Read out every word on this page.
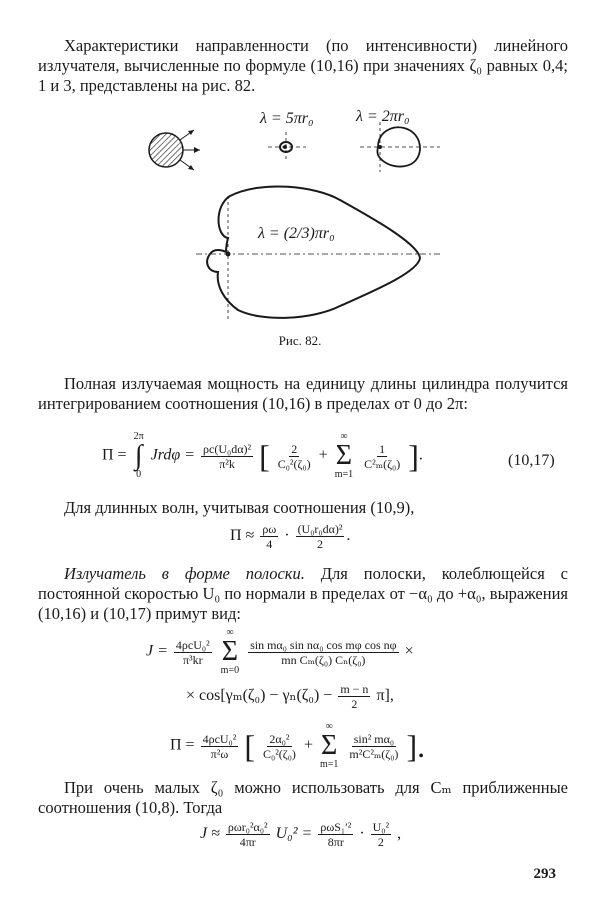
Характеристики направленности (по интенсивности) линейного излучателя, вычисленные по формуле (10,16) при значениях ζ₀ равных 0,4; 1 и 3, представлены на рис. 82.

λ = 5πr₀	λ = 2πr₀
λ = (2/3)πr₀
Рис. 82.

Полная излучаемая мощность на единицу длины цилиндра получится интегрированием соотношения (10,16) в пределах от 0 до 2π:

Π =
2π
∫
0
$Jrd\varphi = \frac{\text{ρc(U₀dα)²}}{\text{π²k}}$ [ $\frac{2}{\text{C₀²(ζ₀)}}$ +
∞
Σ
m=1

$\frac{1}{\text{C²ₘ(ζ₀)}}$ ].	(10,17)

Для длинных волн, учитывая соотношения (10,9),

$\Pi \approx \frac{\rho\omega}{4} \cdot \frac{\text{(U₀r₀dα)²}}{2}$ .

Излучатель в форме полоски. Для полоски, колеблющейся с постоянной скоростью U₀ по нормали в пределах от −α₀ до +α₀, выражения (10,16) и (10,17) примут вид:

$J = \frac{\text{4ρcU₀²}}{\text{π³kr}}$

∞
Σ
m=0

$\frac{\text{sin mα₀ sin nα₀ cos mφ cos nφ}}{\text{mn Cₘ(ζ₀) Cₙ(ζ₀)}}$ ×
× $\cos[\gamma_m(\zeta_0) - \gamma_n(\zeta_0) - \frac{m - n}{2} \pi]$,
$\Pi = \frac{\text{4ρcU₀²}}{\text{π²ω}}$ [ $\frac{\text{2α₀²}}{\text{C₀²(ζ₀)}}$ +
∞
Σ
m=1

$\frac{\text{sin² mα₀}}{\text{m²C²ₘ(ζ₀)}}$ ].

При очень малых ζ₀ можно использовать для Cₘ приближенные соотношения (10,8). Тогда

$J \approx \frac{\text{ρωr₀²α₀²}}{4\pi r} U_0^2 = \frac{\text{ρωS₁′²}}{8\pi r} \cdot \frac{\text{U₀²}}{2}$ ,
293
